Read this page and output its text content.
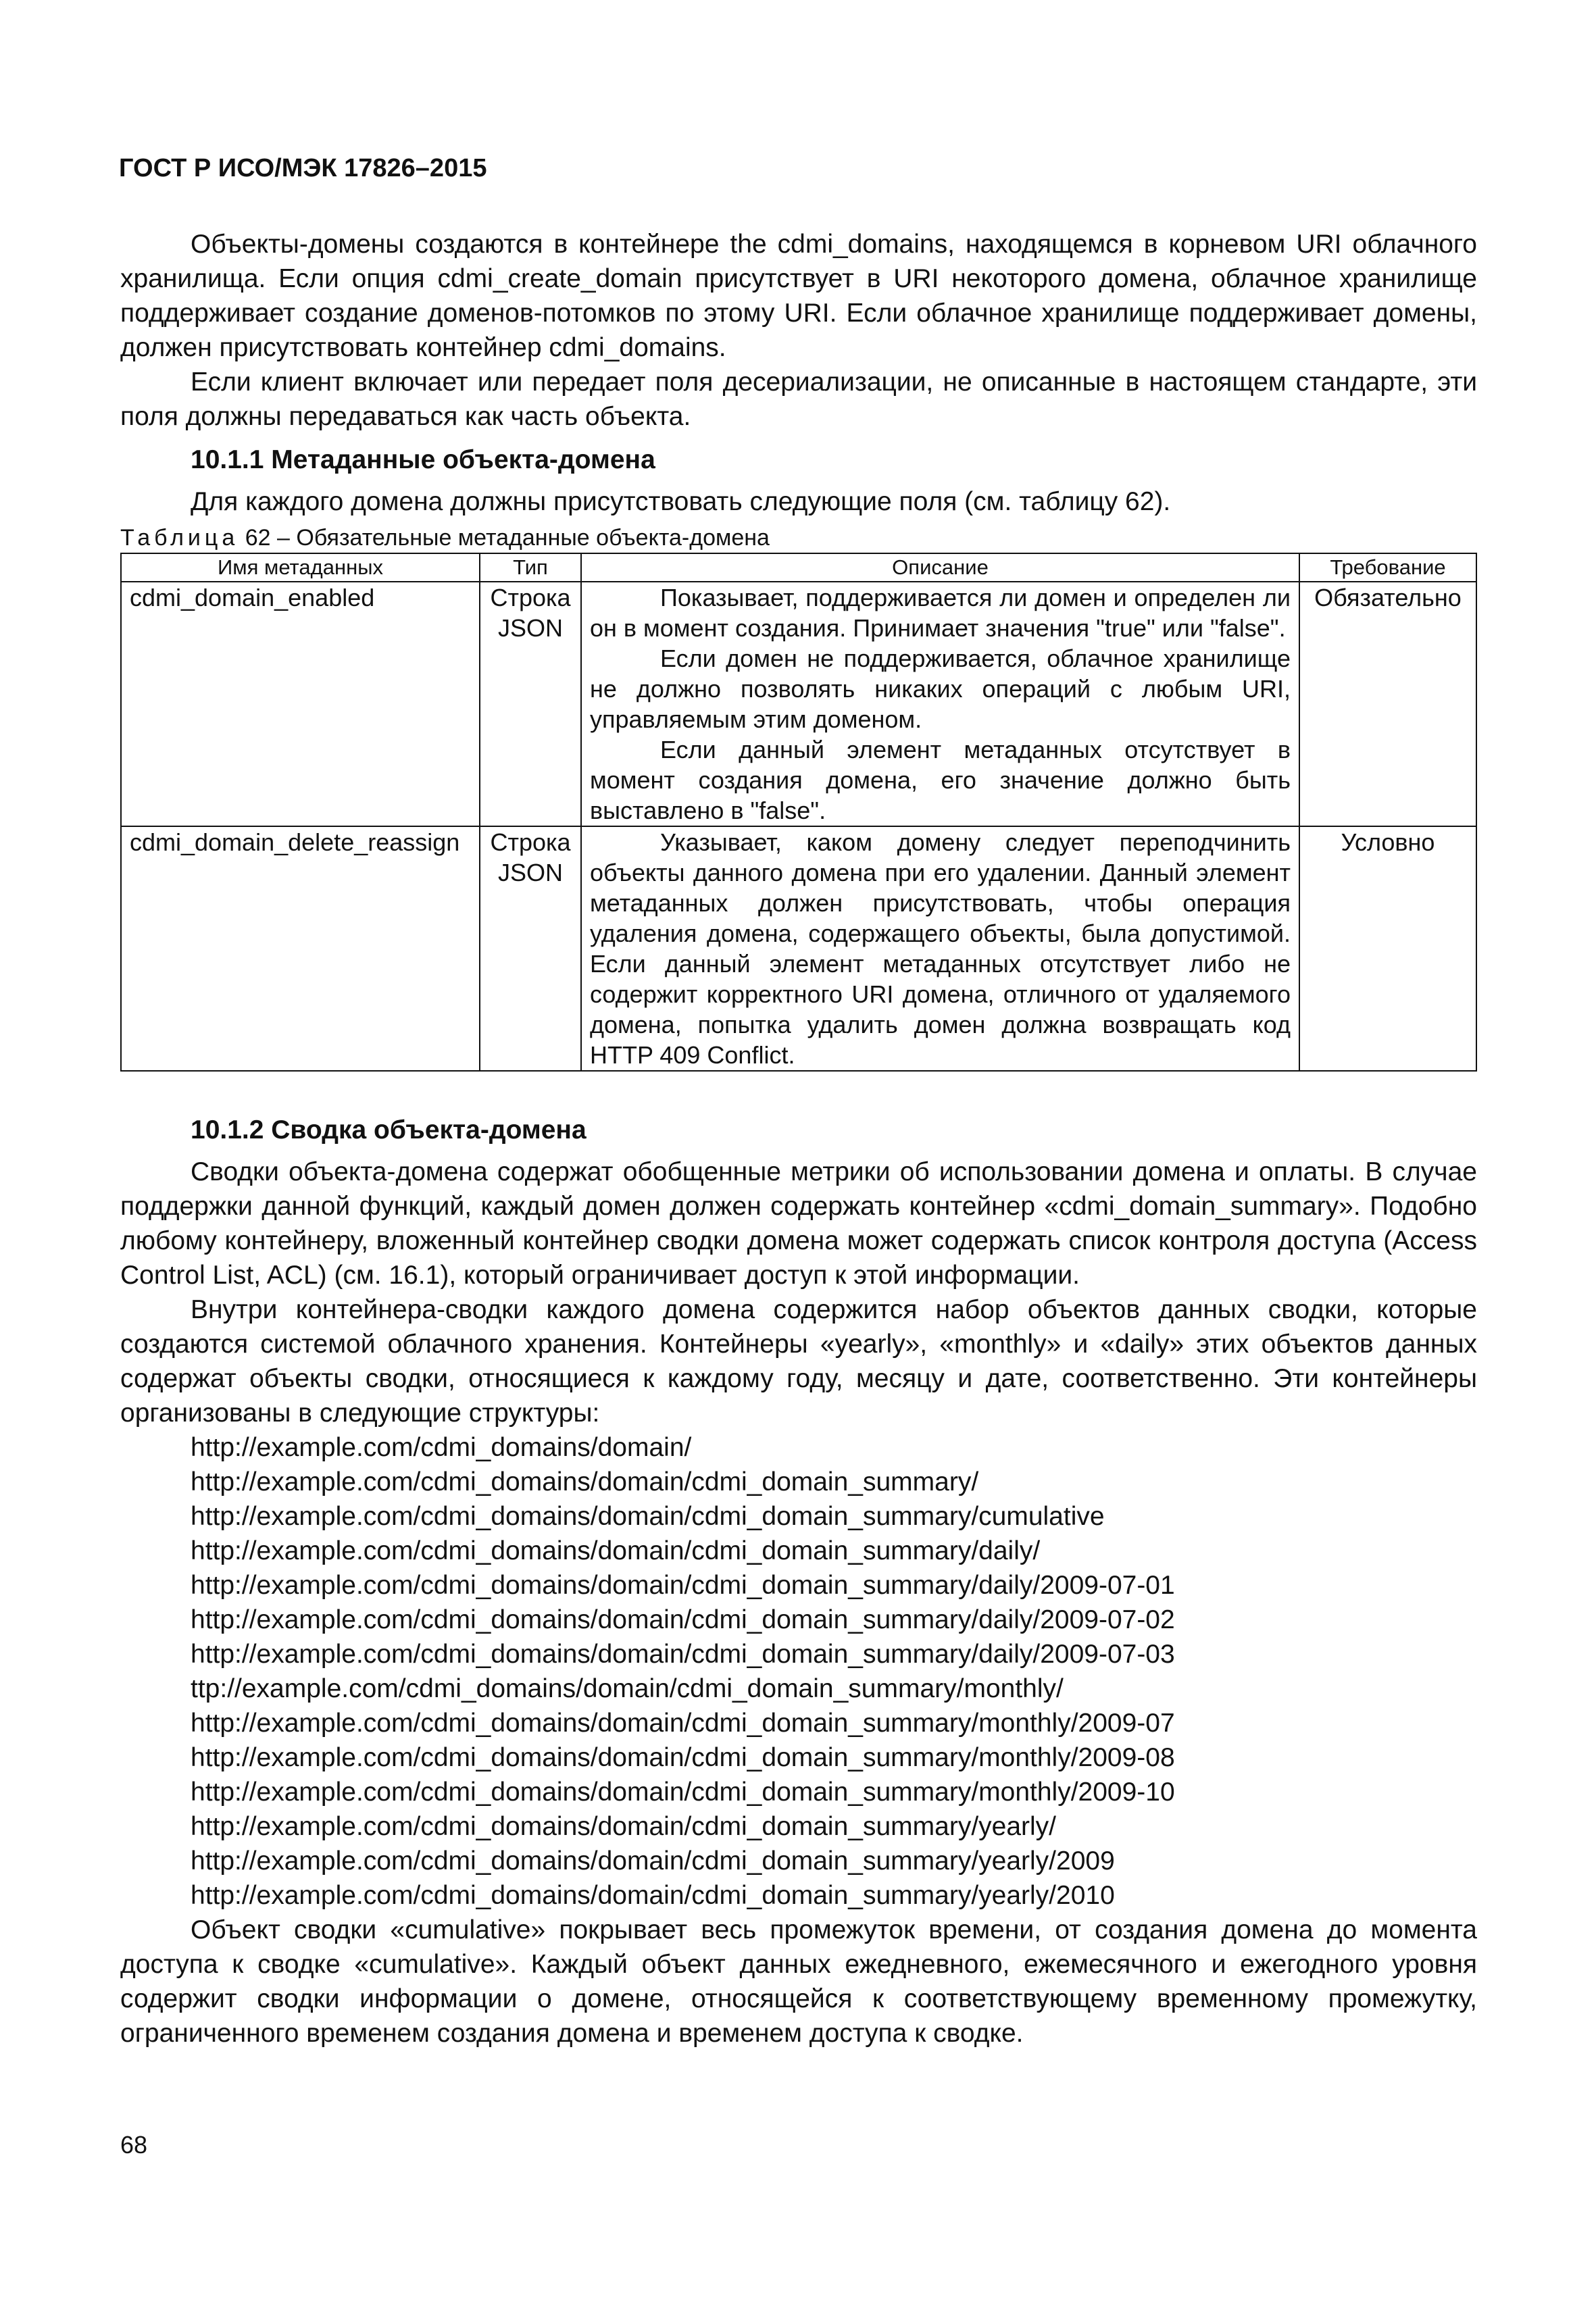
ГОСТ Р ИСО/МЭК 17826–2015

Объекты-домены создаются в контейнере the cdmi_domains, находящемся в корневом URI облачного хранилища. Если опция cdmi_create_domain присутствует в URI некоторого домена, облачное хранилище поддерживает создание доменов-потомков по этому URI. Если облачное хранилище поддерживает домены, должен присутствовать контейнер cdmi_domains.

Если клиент включает или передает поля десериализации, не описанные в настоящем стандарте, эти поля должны передаваться как часть объекта.

10.1.1 Метаданные объекта-домена

Для каждого домена должны присутствовать следующие поля (см. таблицу 62).

Таблица 62 – Обязательные метаданные объекта-домена
Имя метаданных	Тип	Описание	Требование
cdmi_domain_enabled	Строка JSON	Показывает, поддерживается ли домен и определен ли он в момент создания. Принимает значения "true" или "false".

Если домен не поддерживается, облачное хранилище не должно позволять никаких операций с любым URI, управляемым этим доменом.

Если данный элемент метаданных отсутствует в момент создания домена, его значение должно быть выставлено в "false".	Обязательно
cdmi_domain_delete_reassign	Строка JSON	Указывает, каком домену следует переподчинить объекты данного домена при его удалении. Данный элемент метаданных должен присутствовать, чтобы операция удаления домена, содержащего объекты, была допустимой. Если данный элемент метаданных отсутствует либо не содержит корректного URI домена, отличного от удаляемого домена, попытка удалить домен должна возвращать код HTTP 409 Conflict.	Условно
10.1.2 Сводка объекта-домена

Сводки объекта-домена содержат обобщенные метрики об использовании домена и оплаты. В случае поддержки данной функций, каждый домен должен содержать контейнер «cdmi_domain_summary». Подобно любому контейнеру, вложенный контейнер сводки домена может содержать список контроля доступа (Access Control List, ACL) (см. 16.1), который ограничивает доступ к этой информации.

Внутри контейнера-сводки каждого домена содержится набор объектов данных сводки, которые создаются системой облачного хранения. Контейнеры «yearly», «monthly» и «daily» этих объектов данных содержат объекты сводки, относящиеся к каждому году, месяцу и дате, соответственно. Эти контейнеры организованы в следующие структуры:

http://example.com/cdmi_domains/domain/
http://example.com/cdmi_domains/domain/cdmi_domain_summary/
http://example.com/cdmi_domains/domain/cdmi_domain_summary/cumulative
http://example.com/cdmi_domains/domain/cdmi_domain_summary/daily/
http://example.com/cdmi_domains/domain/cdmi_domain_summary/daily/2009-07-01
http://example.com/cdmi_domains/domain/cdmi_domain_summary/daily/2009-07-02
http://example.com/cdmi_domains/domain/cdmi_domain_summary/daily/2009-07-03
ttp://example.com/cdmi_domains/domain/cdmi_domain_summary/monthly/
http://example.com/cdmi_domains/domain/cdmi_domain_summary/monthly/2009-07
http://example.com/cdmi_domains/domain/cdmi_domain_summary/monthly/2009-08
http://example.com/cdmi_domains/domain/cdmi_domain_summary/monthly/2009-10
http://example.com/cdmi_domains/domain/cdmi_domain_summary/yearly/
http://example.com/cdmi_domains/domain/cdmi_domain_summary/yearly/2009
http://example.com/cdmi_domains/domain/cdmi_domain_summary/yearly/2010

Объект сводки «cumulative» покрывает весь промежуток времени, от создания домена до момента доступа к сводке «cumulative». Каждый объект данных ежедневного, ежемесячного и ежегодного уровня содержит сводки информации о домене, относящейся к соответствующему временному промежутку, ограниченного временем создания домена и временем доступа к сводке.

68
